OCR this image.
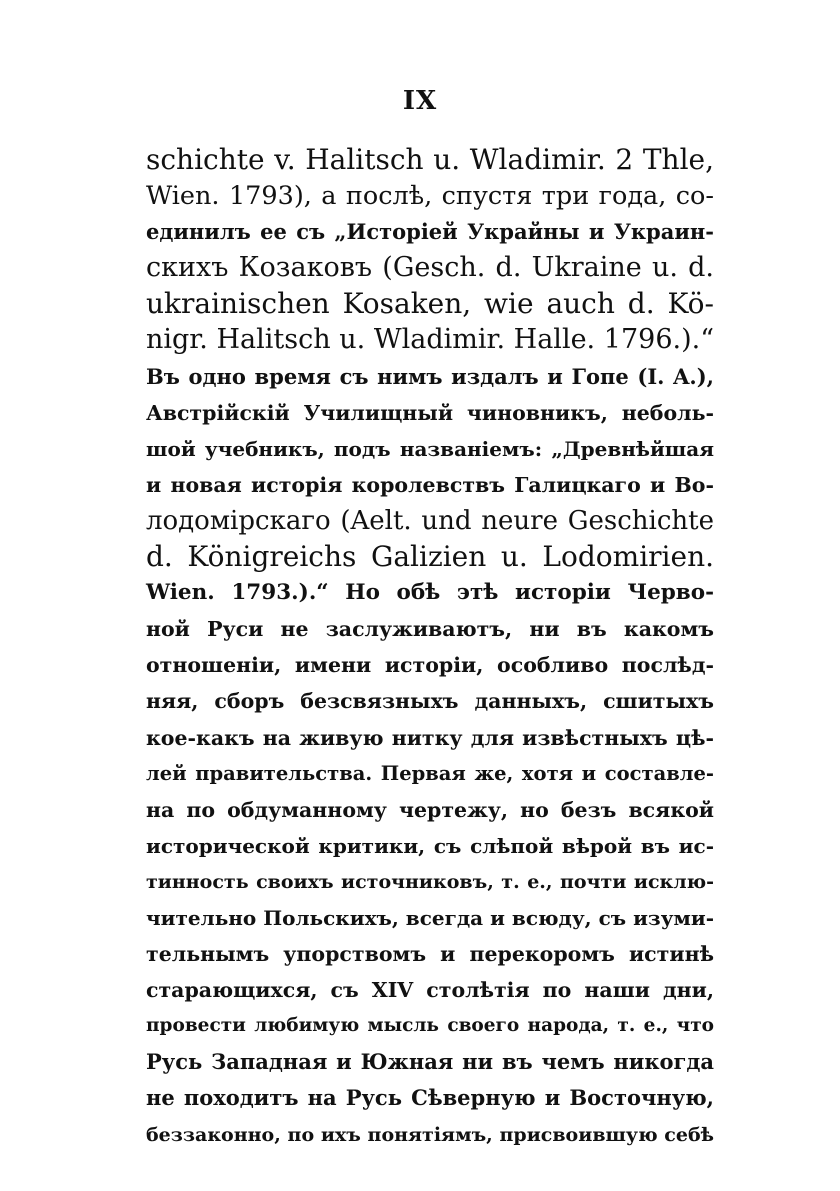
IX
schichte v. Halitsch u. Wladimir. 2 Thle,
Wien. 1793), а послѣ, спустя три года, со-
единилъ ее съ „Исторіей Украйны и Украин-
скихъ Козаковъ (Gesch. d. Ukraine u. d.
ukrainischen Kosaken, wie auch d. Kö-
nigr. Halitsch u. Wladimir. Halle. 1796.).“
Въ одно время съ нимъ издалъ и Гопе (I. A.),
Австрійскій Училищный чиновникъ, неболь-
шой учебникъ, подъ названіемъ: „Древнѣйшая
и новая исторія королевствъ Галицкаго и Во-
лодомірскаго (Aelt. und neure Geschichte
d. Königreichs Galizien u. Lodomirien.
Wien. 1793.).“ Но обѣ этѣ исторіи Червo-
ной Руси не заслуживаютъ, ни въ какомъ
отношеніи, имени исторіи, особливо послѣд-
няя, сборъ безсвязныхъ данныхъ, сшитыхъ
кое-какъ на живую нитку для извѣстныхъ цѣ-
лей правительства. Первая же, хотя и составле-
на по обдуманному чертежу, но безъ всякой
исторической критики, съ слѣпой вѣрой въ ис-
тинность своихъ источниковъ, т. е., почти исклю-
чительно Польскихъ, всегда и всюду, съ изуми-
тельнымъ упорствомъ и перекоромъ истинѣ
старающихся, съ XIV столѣтія по наши дни,
провести любимую мысль своего народа, т. е., что
Русь Западная и Южная ни въ чемъ никогда
не походитъ на Русь Сѣверную и Восточную,
беззаконно, по ихъ понятіямъ, присвоившую себѣ
